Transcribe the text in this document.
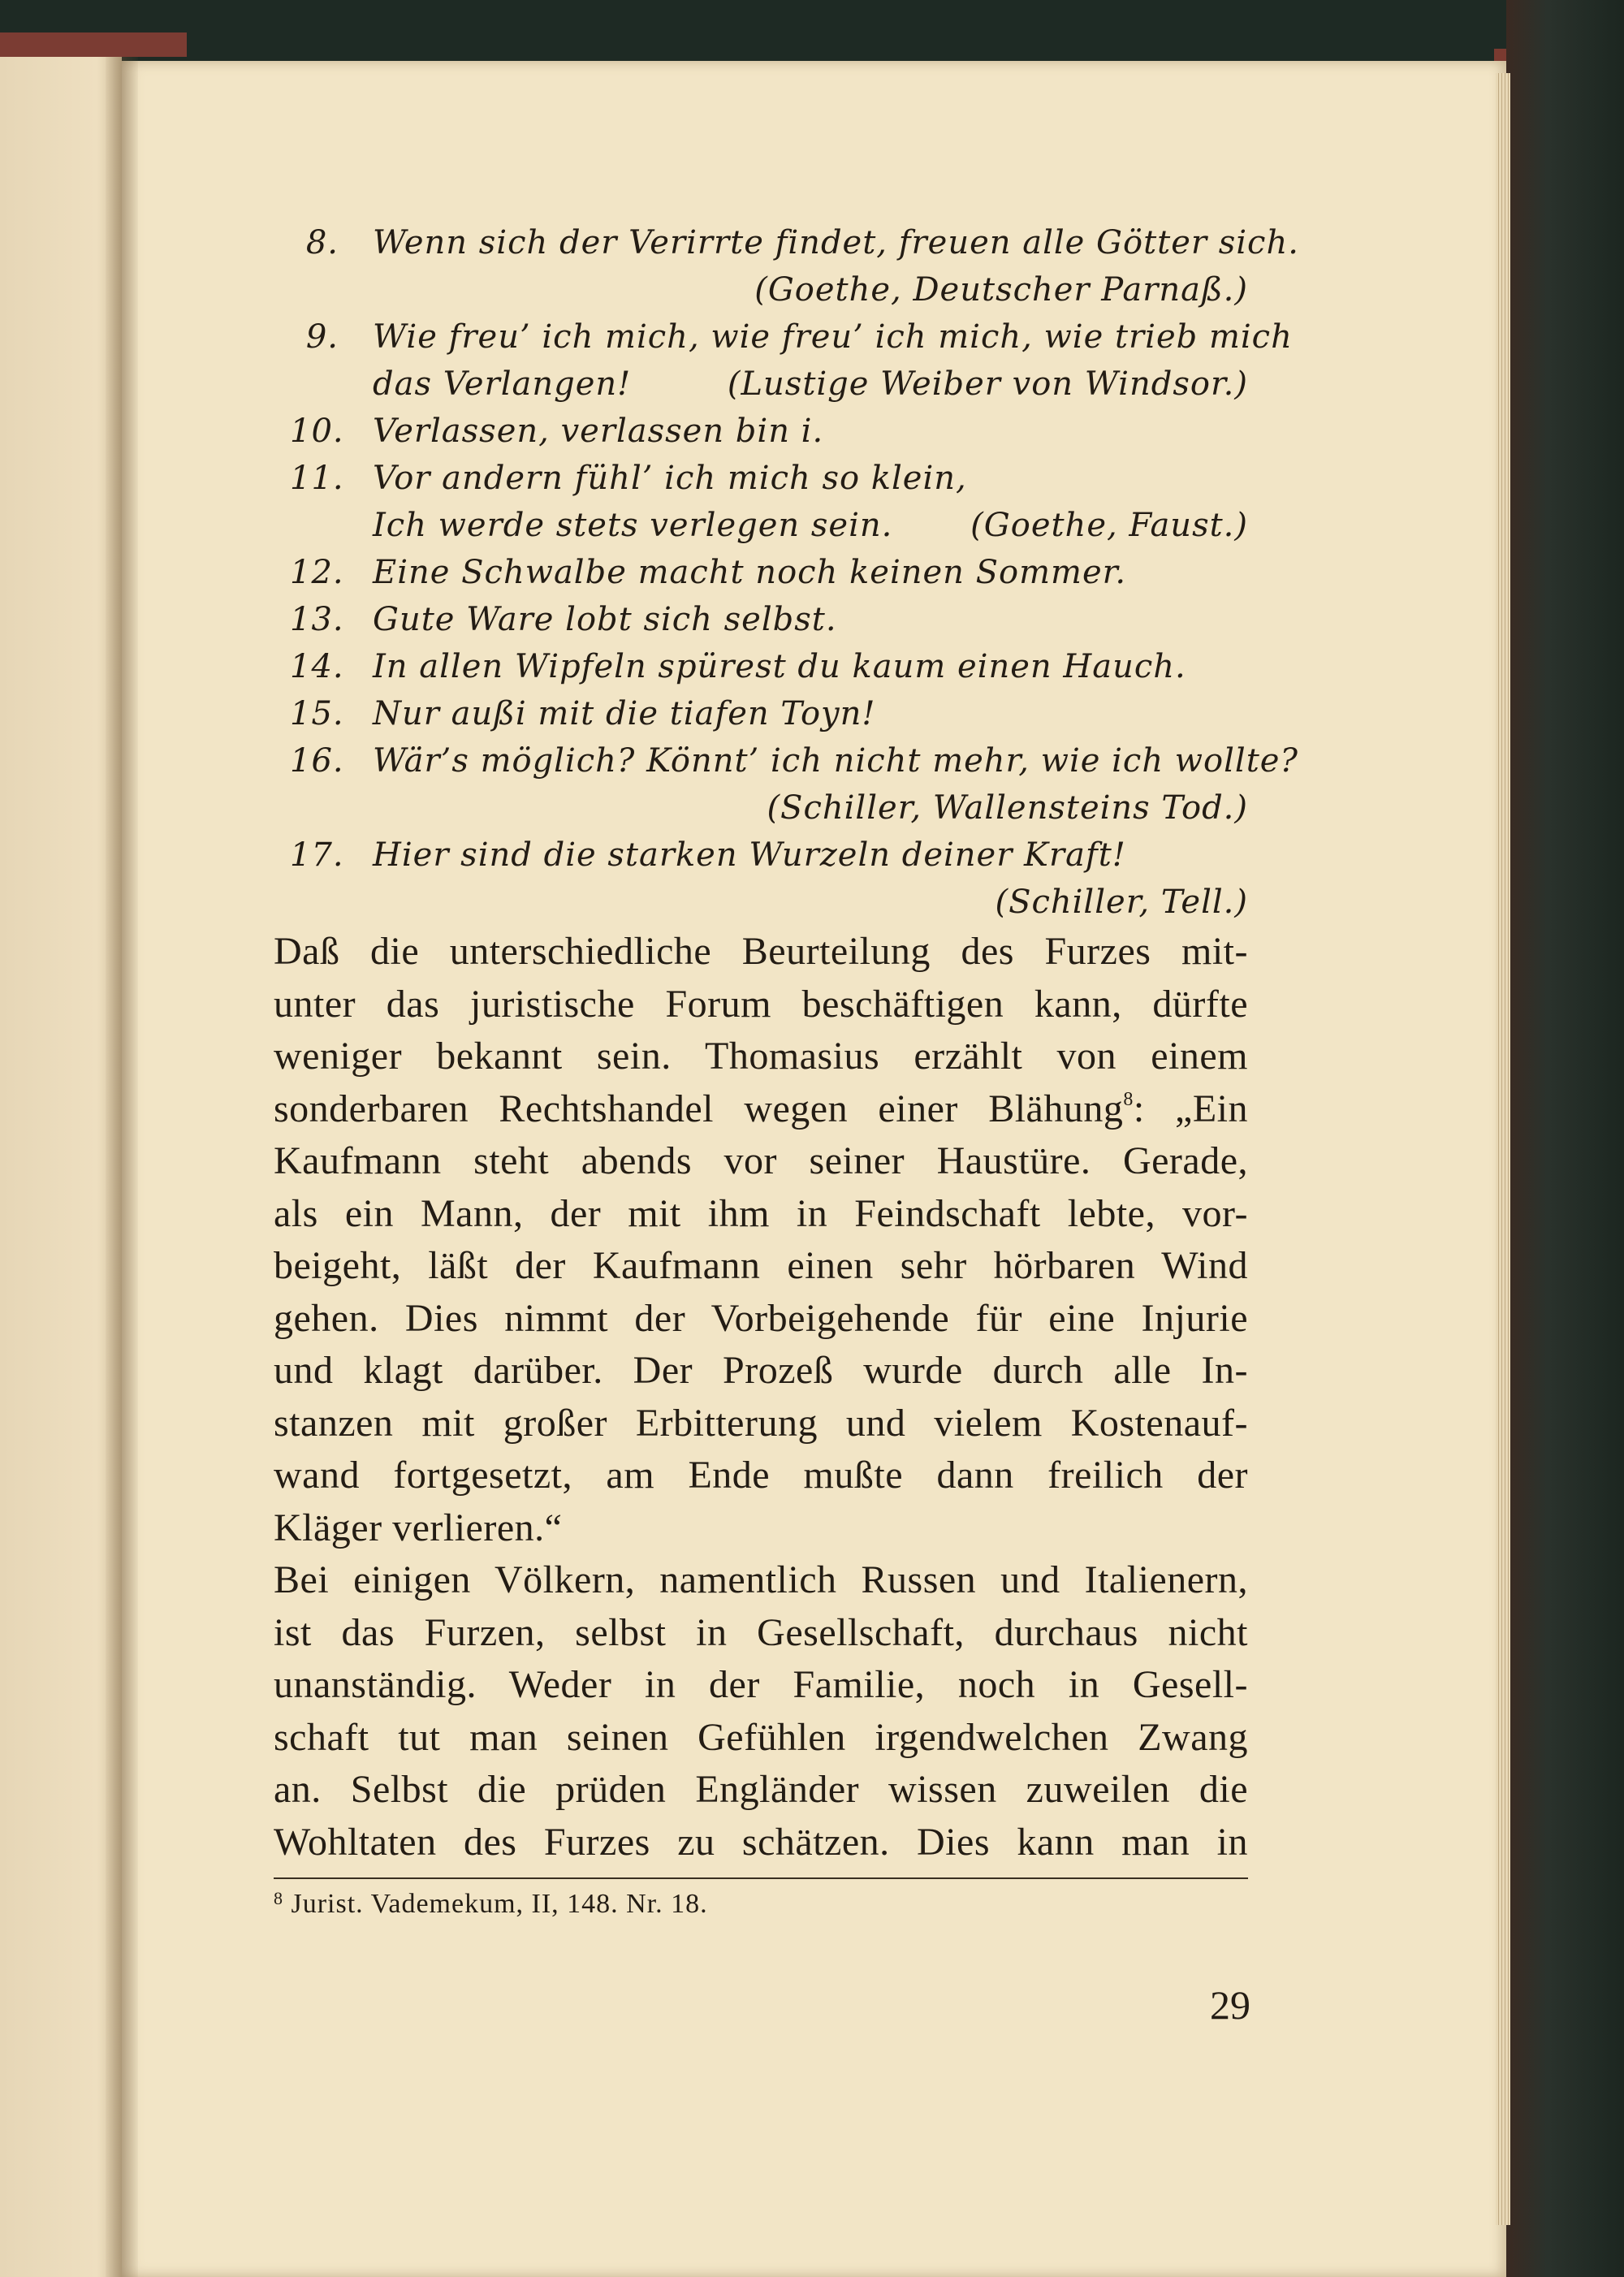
8. Wenn sich der Verirrte findet, freuen alle Götter sich.
(Goethe, Deutscher Parnaß.)
9. Wie freu’ ich mich, wie freu’ ich mich, wie trieb mich
das Verlangen!	(Lustige Weiber von Windsor.)
10. Verlassen, verlassen bin i.
11. Vor andern fühl’ ich mich so klein,
Ich werde stets verlegen sein. (Goethe, Faust.)
12. Eine Schwalbe macht noch keinen Sommer.
13. Gute Ware lobt sich selbst.
14. In allen Wipfeln spürest du kaum einen Hauch.
15. Nur außi mit die tiafen Toyn!
16. Wär’s möglich? Könnt’ ich nicht mehr, wie ich wollte?
(Schiller, Wallensteins Tod.)
17. Hier sind die starken Wurzeln deiner Kraft!
(Schiller, Tell.)
Daß die unterschiedliche Beurteilung des Furzes mit-
unter das juristische Forum beschäftigen kann, dürfte
weniger bekannt sein. Thomasius erzählt von einem
sonderbaren Rechtshandel wegen einer Blähung$^8$: „Ein
Kaufmann steht abends vor seiner Haustüre. Gerade,
als ein Mann, der mit ihm in Feindschaft lebte, vor-
beigeht, läßt der Kaufmann einen sehr hörbaren Wind
gehen. Dies nimmt der Vorbeigehende für eine Injurie
und klagt darüber. Der Prozeß wurde durch alle In-
stanzen mit großer Erbitterung und vielem Kostenauf-
wand fortgesetzt, am Ende mußte dann freilich der
Kläger verlieren.“
Bei einigen Völkern, namentlich Russen und Italienern,
ist das Furzen, selbst in Gesellschaft, durchaus nicht
unanständig. Weder in der Familie, noch in Gesell-
schaft tut man seinen Gefühlen irgendwelchen Zwang
an. Selbst die prüden Engländer wissen zuweilen die
Wohltaten des Furzes zu schätzen. Dies kann man in
$^8$ Jurist. Vademekum, II, 148. Nr. 18.
29
